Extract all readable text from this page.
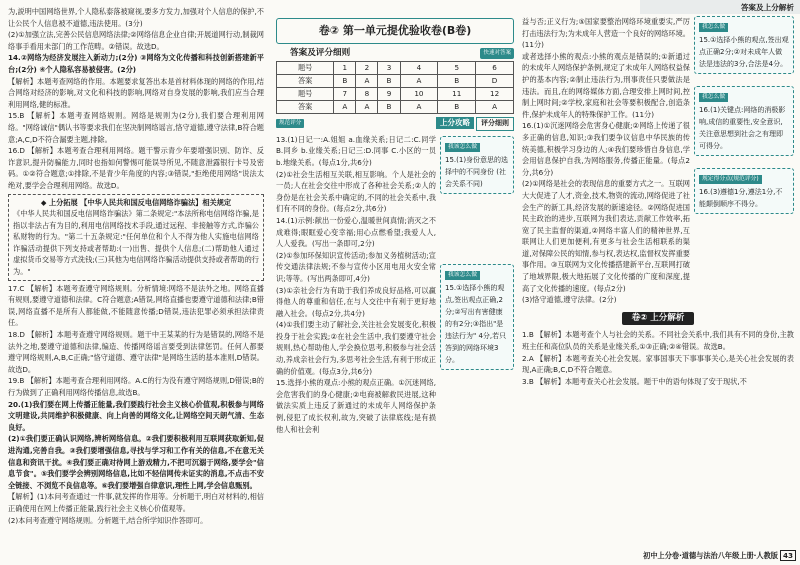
答案及上分解析
为,説明中国网络世界,个人隐私泰落被窥视,要多方发力,加强对个人信息的保护,不让公民个人信息被不道德,违法使用。(3分)
(2)①加强立法,完善公民信息网络法律;②网络信息企业自律;开展道网行动,制裁网络事手看用未部门的工作范畴。②错误。故选D。
14.②网络为经济发展注入新动力;(2分) ③网络为文化传播和科技创新搭建新平台;(2分) ④个人隐私容易被侵害。(2分)
【解析】本题考查网络的作用。本题要求复答出本是首材料体现的网络的作用,结合网络对经济的影响,对文化和科技的影响,网络对自身发展的影响,我们应当合理利用网络,健的标准。
15.B 【解析】本题考查网络规则。网络是规则为(2分),我们要合理利用网络。"网络诚信"偶认书等要求我们在坚决制网络谣言,恪守道德,遵守法律,B符合题意;A,C,D不符合漏要主题,排除。
16.D 【解析】本题考查合理利用网络。题干警示青少年要增强识别、防诈、反诈意识,提升防骗能力,同时也指如何警惕可能误导所见,不随意泄露银行卡号及密码。①②符合题意;①排除,不是青少年角度的内容;③错误,"拒绝使用网络"说法太绝对,要学会合理利用网络。故选D。
◆ 上分拓展 【中华人民共和国反电信网络诈骗法】相关规定
《中华人民共和国反电信网络诈骗法》第二条规定:"本法所称电信网络诈骗,是指以非法占有为目的,利用电信网络技术手段,通过远程、非接触等方式,诈骗公私财物的行为。"第二十五条规定:"任何单位和个人不得为他人实施电信网络诈骗活动提供下列支持或者帮助:(一)出售、提供个人信息;(二)帮助他人通过虚拟货币交易等方式洗钱;(三)其他为电信网络诈骗活动提供支持或者帮助的行为。"
17.C 【解析】本题考查遵守网络规则。分析情境:网络不是法外之地。网络直播有规则,要遵守道德和法律。C符合题意;A错误,网络直播也要遵守道德和法律;B错误,网络直播不是所有人都能做,不能随意传播;D错误,违法犯罪必须承担法律责任。
18.D 【解析】本题考查遵守网络规则。题干中王某某的行为是错误的,网络不是法外之地,要遵守道德和法律,编造、传播网络谣言要受到法律惩罚。任何人都要遵守网络规则,A,B,C正确;"恪守道德、遵守法律"是网络生活的基本准则,D错误。故选D。
19.B 【解析】本题考查合理利用网络。A.C的行为没有遵守网络规则,D错误;B的行为做到了正确利用网络传播信息,故选B。
20.(1)我们要在网上传播正能量,我们要践行社会主义核心价值观,积极参与网络文明建设,共同维护积极健康、向上向善的网络文化,让网络空间天朗气清、生态良好。
(2)①我们要正确认识网络,辨析网络信息。②我们要积极利用互联网获取新知,促进沟通,完善自我。③我们要增强信息,寻找与学习和工作有关的信息,不在意无关信息和资讯干扰。④我们要正确对待网上游戏精力,不把可沉溺于网络,要学会"信息节食"。⑤我们要学会辨别网络信息,比如不轻信网传未证实的消息,不点击不安全链接、不浏览不良信息等。⑥我们要增强自律意识,理性上网,学会信息甄别。
【解析】(1)本问考查通过一件事,就发挥的作用等。分析题干,明白对材料的,相信正确使用在网上传播正能量,践行社会主义核心价值观等。
(2)本问考查遵守网络规则。分析题干,结合所学知识作答即可。
卷② 第一单元提优验收卷(B卷)
答案及评分细则	快速对答案
题号	1	2	3	4	5	6
答案	B	A	B	A	B	D
题号	7	8	9	10	11	12
答案	A	A	B	A	B	A
规范评分	上分攻略 评分细则
13.(1)日记一:A.姐姐 a.血缘关系;日记二:C.同学 B.同乡 b.业缘关系;日记三:D.同事 C.小区的一员 b.地缘关系。(每点1分,共6分)
(2)①社会生活相互关联,相互影响。个人是社会的一员;人在社会交往中形成了各种社会关系;②人的身份是在社会关系中确定的,不同的社会关系中,我们有不同的身份。(每点2分,共6分)
14.(1)示例:献出一份爱心,温暖世间真情;消灭之不成难得;眼眶爱心变幸福;用心点燃希望;我爱人人,人人爱我。(写出一条即可,2分)
(2)①参加环保知识宣传活动;参加义务植树活动;宣传交通法律法规;不参与宣传小区用电用火安全常识;等等。(写出两条即可,4分)
(3)①亲社会行为有助于我们养成良好品格,可以赢得他人的尊重和信任,在与人交往中有利于更好地融入社会。(每点2分,共4分)
(4)①我们要主动了解社会,关注社会发展变化,积极投身于社会实践;②在社会生活中,我们要遵守社会规则,热心帮助他人,学会换位思考,积极参与社会活动,养成亲社会行为,多思考社会生活,有利于形成正确的价值观。(每点3分,共6分)
15.选择小熊的观点:小熊的观点正确。①沉迷网络,会危害我们的身心健康;②电商被解救民进展,这种做法实质上违反了新通过的未成年人网络保护条例,侵犯了成长权利,故为,突破了法律底线;是有损他人和社会利
我该怎么做
15.(1)身份意思的选择中的不同身份 (社会关系不同)
我该怎么做
15.①选择小熊的观点,签出观点正确,2分;②写出有害健康的有2分;③指出"是违法行为" 4分,若只答到的网络环境3分。
益与否;正义行为;⑤国家要整治网络环境重要实,严厉打击违法行为;为未成年人营造一个良好的网络环境。(11分)
或者选择小熊的观点:小熊的观点是错误的;①新通过的未成年人网络保护条例,规定了未成年人网络权益保护的基本内容;②制止违法行为,刑事责任只要做法是违法。而且,在的网络媒体方面,合理安排上网时间,控制上网时间;②学校,家庭和社会等要积极配合,创造条件,保护未成年人的特殊保护工作。(11分)
16.(1)①沉迷网络会危害身心健康;②网络上传递了很多正确的信息,知识;③我们要争议信息中华民族的传统美德,积极学习身边的人;④我们要珍惜自身信息,学会用信息保护自我,为网络服务,传播正能量。(每点2分,共6分)
(2)①网络是社会的表现信息的重要方式之一。互联网大大促进了人才,资金,技术,物资的流动,网络促进了社会生产的新工具,经济发展的新速途径。②网络促进国民主政治的进步,互联网为我们表达,贡献工作效率,拓宽了民主监督的渠道,②网络丰富人们的精神世界,互联网让人们更加便利,有更多与社会生活相联系的渠道,对保障公民的知情,参与权,表达权,监督权发挥重要事作用。③互联网为文化传播搭建新平台,互联网打破了地域界限,极大地拓展了文化传播的广度和深度,提高了文化传播的速度。(每点2分)
(3)恪守道德,遵守法律。(2分)
我怎么做
15.①选择小熊的观点,签出观点正确2分;②对未成年人做法是违法的3分,合法是4分。
我怎么做
16.(1)关键点:网络的消极影响,成信的重要性,安全意识,关注意思想到社会之有理即可得分。
规定得分点(规范评分)
16.(3)遵德1分,遵法1分,不能颠倒顺序不得分。
卷② 上分解析
1.B 【解析】本题考查个人与社会的关系。不同社会关系中,我们具有不同的身份,主教班主任和高位队员的关系是业缘关系,①③正确;②④错误。故选B。
2.A 【解析】本题考查关心社会发展。家事国事天下事事事关心,是关心社会发展的表现,A正确;B,C,D不符合题意。
3.B 【解析】本题考查关心社会发展。题干中的语句体现了安于现状,不
初中上分卷·道德与法治八年级上册·人教版 43
